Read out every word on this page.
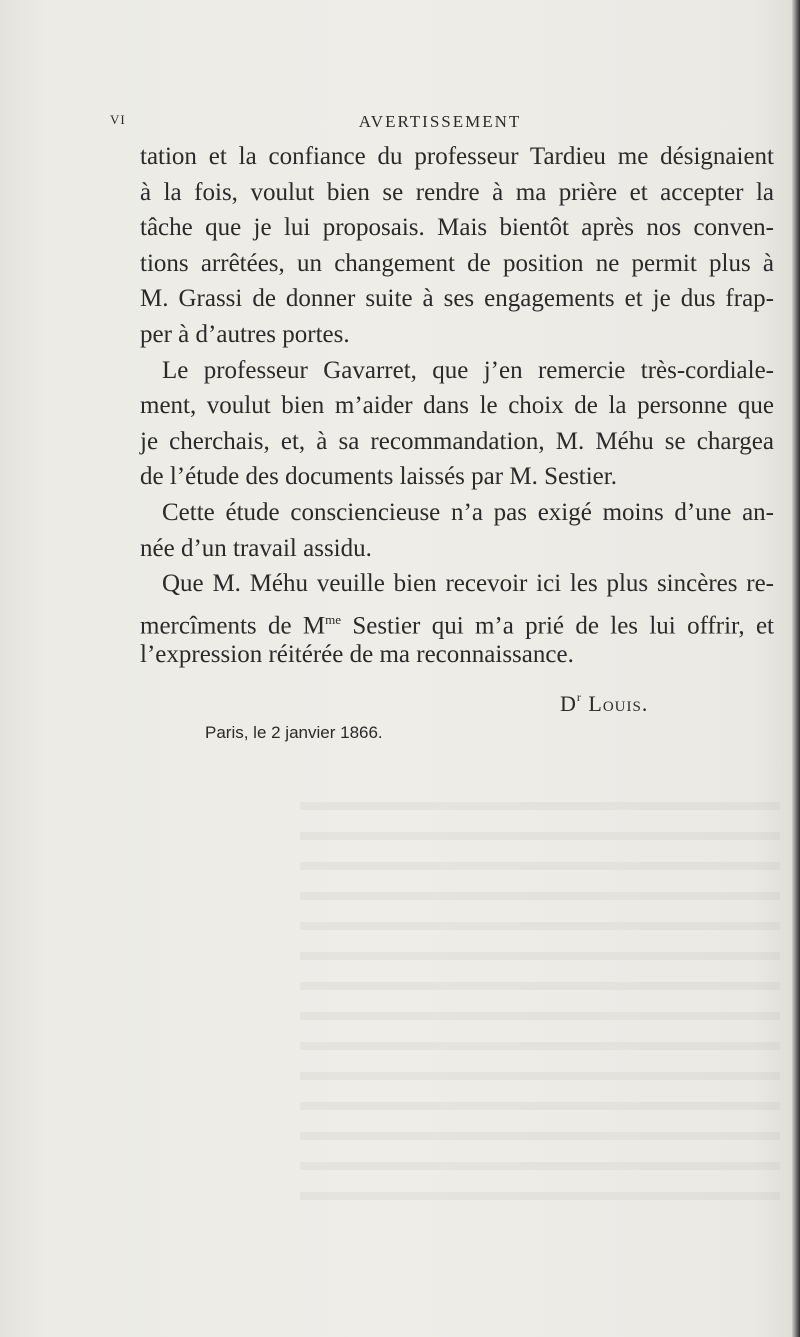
VI	AVERTISSEMENT
tation et la confiance du professeur Tardieu me désignaient
à la fois, voulut bien se rendre à ma prière et accepter la
tâche que je lui proposais. Mais bientôt après nos conven-
tions arrêtées, un changement de position ne permit plus à
M. Grassi de donner suite à ses engagements et je dus frap-
per à d’autres portes.
Le professeur Gavarret, que j’en remercie très-cordiale-
ment, voulut bien m’aider dans le choix de la personne que
je cherchais, et, à sa recommandation, M. Méhu se chargea
de l’étude des documents laissés par M. Sestier.
Cette étude consciencieuse n’a pas exigé moins d’une an-
née d’un travail assidu.
Que M. Méhu veuille bien recevoir ici les plus sincères re-
mercîments de $M^{me}$ Sestier qui m’a prié de les lui offrir, et
l’expression réitérée de ma reconnaissance.
$D^r$ Louis.
Paris, le 2 janvier 1866.
